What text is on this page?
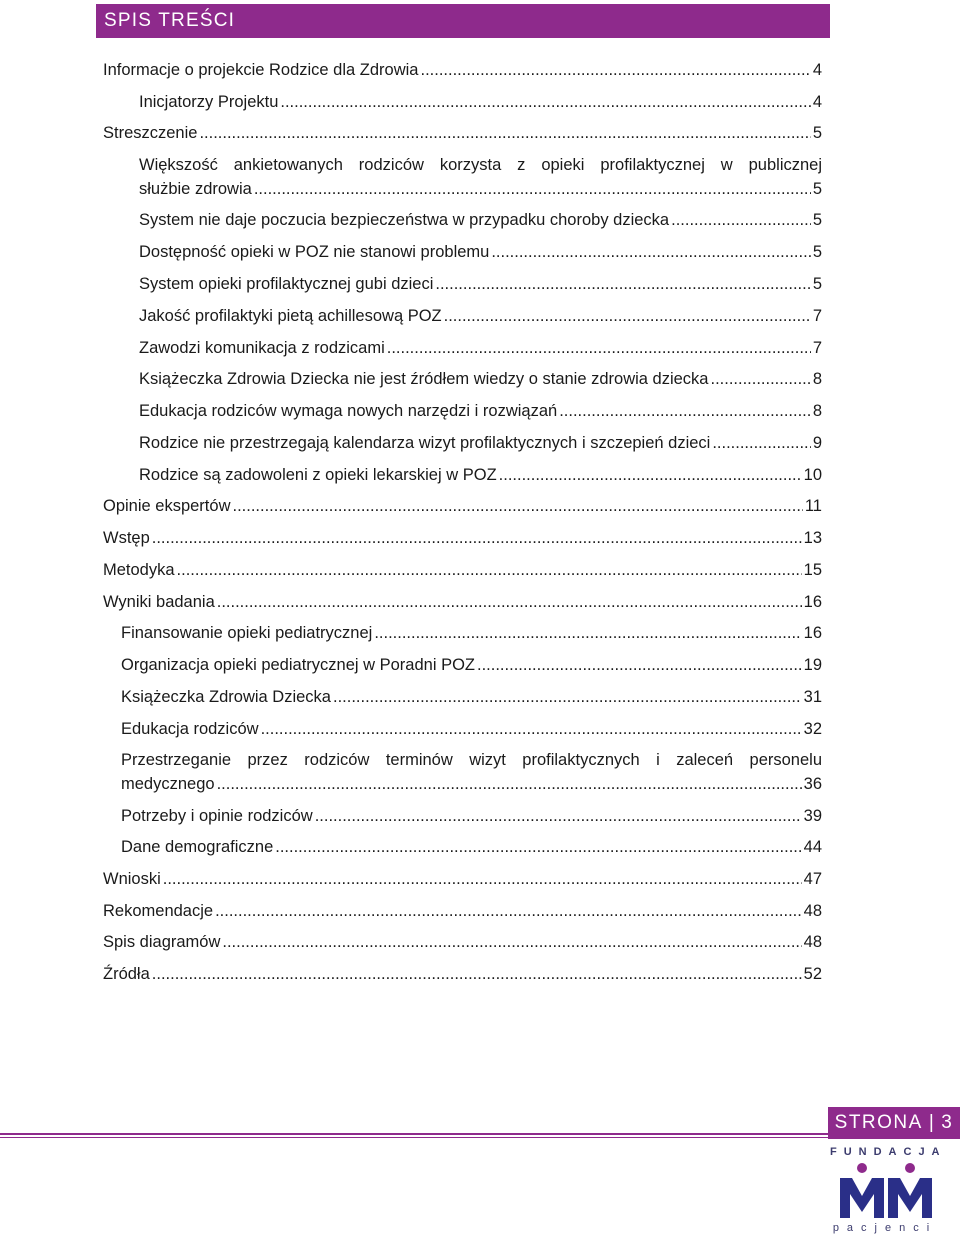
SPIS TREŚCI
Informacje o projekcie Rodzice dla Zdrowia .....	4
Inicjatorzy Projektu .....	4
Streszczenie .....	5
Większość ankietowanych rodziców korzysta z opieki profilaktycznej w publicznej
służbie zdrowia .....	5
System nie daje poczucia bezpieczeństwa w przypadku choroby dziecka .....	5
Dostępność opieki w POZ nie stanowi problemu .....	5
System opieki profilaktycznej gubi dzieci .....	5
Jakość profilaktyki pietą achillesową POZ .....	7
Zawodzi komunikacja z rodzicami .....	7
Książeczka Zdrowia Dziecka nie jest źródłem wiedzy o stanie zdrowia dziecka .....	8
Edukacja rodziców wymaga nowych narzędzi i rozwiązań .....	8
Rodzice nie przestrzegają kalendarza wizyt profilaktycznych i szczepień dzieci .....	9
Rodzice są zadowoleni z opieki lekarskiej w POZ .....	10
Opinie ekspertów .....	11
Wstęp .....	13
Metodyka .....	15
Wyniki badania .....	16
Finansowanie opieki pediatrycznej .....	16
Organizacja opieki pediatrycznej w Poradni POZ .....	19
Książeczka Zdrowia Dziecka .....	31
Edukacja rodziców .....	32
Przestrzeganie przez rodziców terminów wizyt profilaktycznych i zaleceń personelu
medycznego .....	36
Potrzeby i opinie rodziców .....	39
Dane demograficzne .....	44
Wnioski .....	47
Rekomendacje .....	48
Spis diagramów .....	48
Źródła .....	52
STRONA | 3
FUNDACJA
pacjenci
